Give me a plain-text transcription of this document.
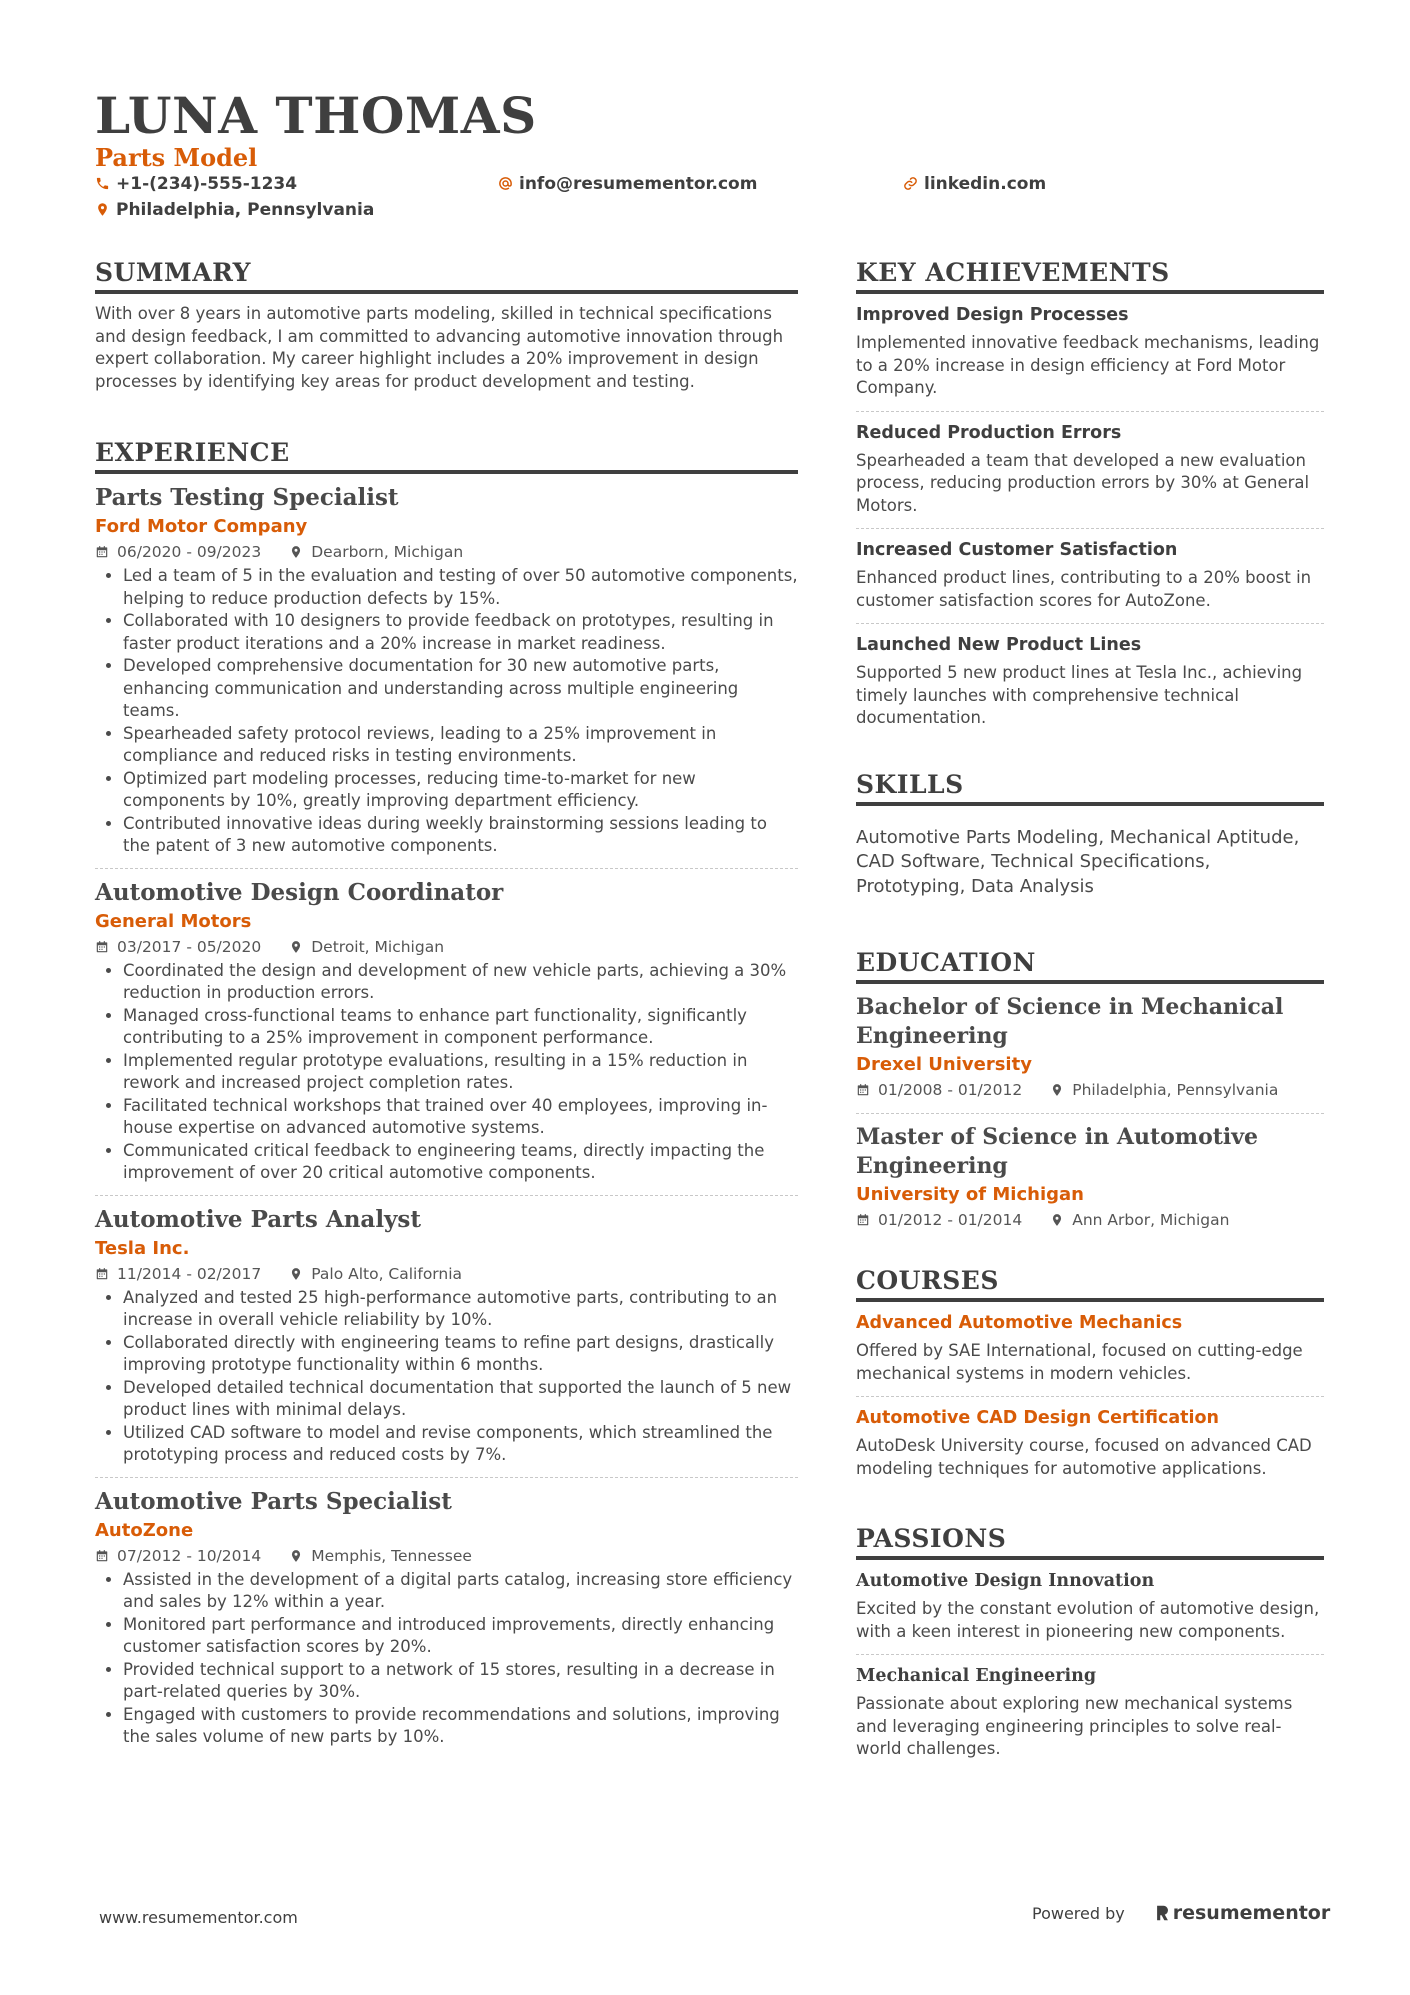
LUNA THOMAS
Parts Model
+1-(234)-555-1234	info@resumementor.com	linkedin.com
Philadelphia, Pennsylvania
SUMMARY

With over 8 years in automotive parts modeling, skilled in technical specifications and design feedback, I am committed to advancing automotive innovation through expert collaboration. My career highlight includes a 20% improvement in design processes by identifying key areas for product development and testing.

EXPERIENCE
Parts Testing Specialist
Ford Motor Company
06/2020 - 09/2023	Dearborn, Michigan
• Led a team of 5 in the evaluation and testing of over 50 automotive components, helping to reduce production defects by 15%.
• Collaborated with 10 designers to provide feedback on prototypes, resulting in faster product iterations and a 20% increase in market readiness.
• Developed comprehensive documentation for 30 new automotive parts, enhancing communication and understanding across multiple engineering teams.
• Spearheaded safety protocol reviews, leading to a 25% improvement in compliance and reduced risks in testing environments.
• Optimized part modeling processes, reducing time-to-market for new components by 10%, greatly improving department efficiency.
• Contributed innovative ideas during weekly brainstorming sessions leading to the patent of 3 new automotive components.
Automotive Design Coordinator
General Motors
03/2017 - 05/2020	Detroit, Michigan
• Coordinated the design and development of new vehicle parts, achieving a 30% reduction in production errors.
• Managed cross-functional teams to enhance part functionality, significantly contributing to a 25% improvement in component performance.
• Implemented regular prototype evaluations, resulting in a 15% reduction in rework and increased project completion rates.
• Facilitated technical workshops that trained over 40 employees, improving in-house expertise on advanced automotive systems.
• Communicated critical feedback to engineering teams, directly impacting the improvement of over 20 critical automotive components.
Automotive Parts Analyst
Tesla Inc.
11/2014 - 02/2017	Palo Alto, California
• Analyzed and tested 25 high-performance automotive parts, contributing to an increase in overall vehicle reliability by 10%.
• Collaborated directly with engineering teams to refine part designs, drastically improving prototype functionality within 6 months.
• Developed detailed technical documentation that supported the launch of 5 new product lines with minimal delays.
• Utilized CAD software to model and revise components, which streamlined the prototyping process and reduced costs by 7%.
Automotive Parts Specialist
AutoZone
07/2012 - 10/2014	Memphis, Tennessee
• Assisted in the development of a digital parts catalog, increasing store efficiency and sales by 12% within a year.
• Monitored part performance and introduced improvements, directly enhancing customer satisfaction scores by 20%.
• Provided technical support to a network of 15 stores, resulting in a decrease in part-related queries by 30%.
• Engaged with customers to provide recommendations and solutions, improving the sales volume of new parts by 10%.
KEY ACHIEVEMENTS
Improved Design Processes

Implemented innovative feedback mechanisms, leading to a 20% increase in design efficiency at Ford Motor Company.

Reduced Production Errors

Spearheaded a team that developed a new evaluation process, reducing production errors by 30% at General Motors.

Increased Customer Satisfaction

Enhanced product lines, contributing to a 20% boost in customer satisfaction scores for AutoZone.

Launched New Product Lines

Supported 5 new product lines at Tesla Inc., achieving timely launches with comprehensive technical documentation.

SKILLS

Automotive Parts Modeling, Mechanical Aptitude, CAD Software, Technical Specifications, Prototyping, Data Analysis

EDUCATION
Bachelor of Science in Mechanical Engineering
Drexel University
01/2008 - 01/2012	Philadelphia, Pennsylvania
Master of Science in Automotive Engineering
University of Michigan
01/2012 - 01/2014	Ann Arbor, Michigan
COURSES
Advanced Automotive Mechanics

Offered by SAE International, focused on cutting-edge mechanical systems in modern vehicles.

Automotive CAD Design Certification

AutoDesk University course, focused on advanced CAD modeling techniques for automotive applications.

PASSIONS
Automotive Design Innovation

Excited by the constant evolution of automotive design, with a keen interest in pioneering new components.

Mechanical Engineering

Passionate about exploring new mechanical systems and leveraging engineering principles to solve real-world challenges.

www.resumementor.com	Powered by	resumementor
